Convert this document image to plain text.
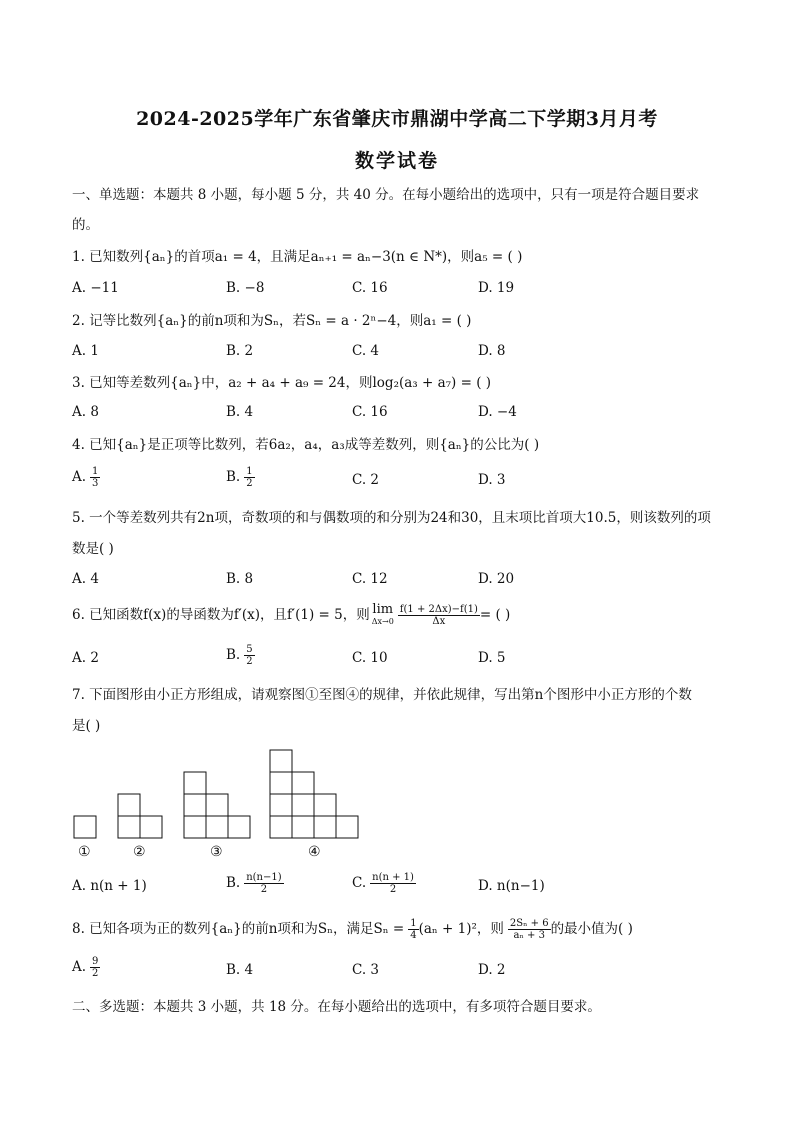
2024-2025学年广东省肇庆市鼎湖中学高二下学期3月月考
数学试卷
一、单选题：本题共 8 小题，每小题 5 分，共 40 分。在每小题给出的选项中，只有一项是符合题目要求
的。
1. 已知数列{aₙ}的首项a₁ = 4，且满足aₙ₊₁ = aₙ−3(n ∈ N*)，则a₅ = ( )
A. −11	B. −8	C. 16	D. 19
2. 记等比数列{aₙ}的前n项和为Sₙ，若Sₙ = a · 2ⁿ−4，则a₁ = ( )
A. 1	B. 2	C. 4	D. 8
3. 已知等差数列{aₙ}中，a₂ + a₄ + a₉ = 24，则log₂(a₃ + a₇) = ( )
A. 8	B. 4	C. 16	D. −4
4. 已知{aₙ}是正项等比数列，若6a₂，a₄，a₃成等差数列，则{aₙ}的公比为( )
A. $\frac{1}{3}$	B. $\frac{1}{2}$	C. 2	D. 3
5. 一个等差数列共有2n项，奇数项的和与偶数项的和分别为24和30，且末项比首项大10.5，则该数列的项
数是( )
A. 4	B. 8	C. 12	D. 20
6. 已知函数f(x)的导函数为f′(x)，且f′(1) = 5，则 lim
$\Delta x\to 0 \frac{f(1 + 2\Delta x)-f(1)}{\Delta x}$ = ( )
A. 2	B. $\frac{5}{2}$	C. 10	D. 5
7. 下面图形由小正方形组成，请观察图①至图④的规律，并依此规律，写出第n个图形中小正方形的个数
是( )
①	②	③	④
A. n(n + 1)	B. $\frac{n(n-1)}{2}$	C. $\frac{n(n + 1)}{2}$	D. n(n−1)
8. 已知各项为正的数列{aₙ}的前n项和为Sₙ，满足$S_n = \frac{1}{4} (a_n + 1)^2$，则 $\frac{\text{2Sₙ + 6}}{\text{aₙ + 3}}$ 的最小值为( )
A. $\frac{9}{2}$	B. 4	C. 3	D. 2
二、多选题：本题共 3 小题，共 18 分。在每小题给出的选项中，有多项符合题目要求。
